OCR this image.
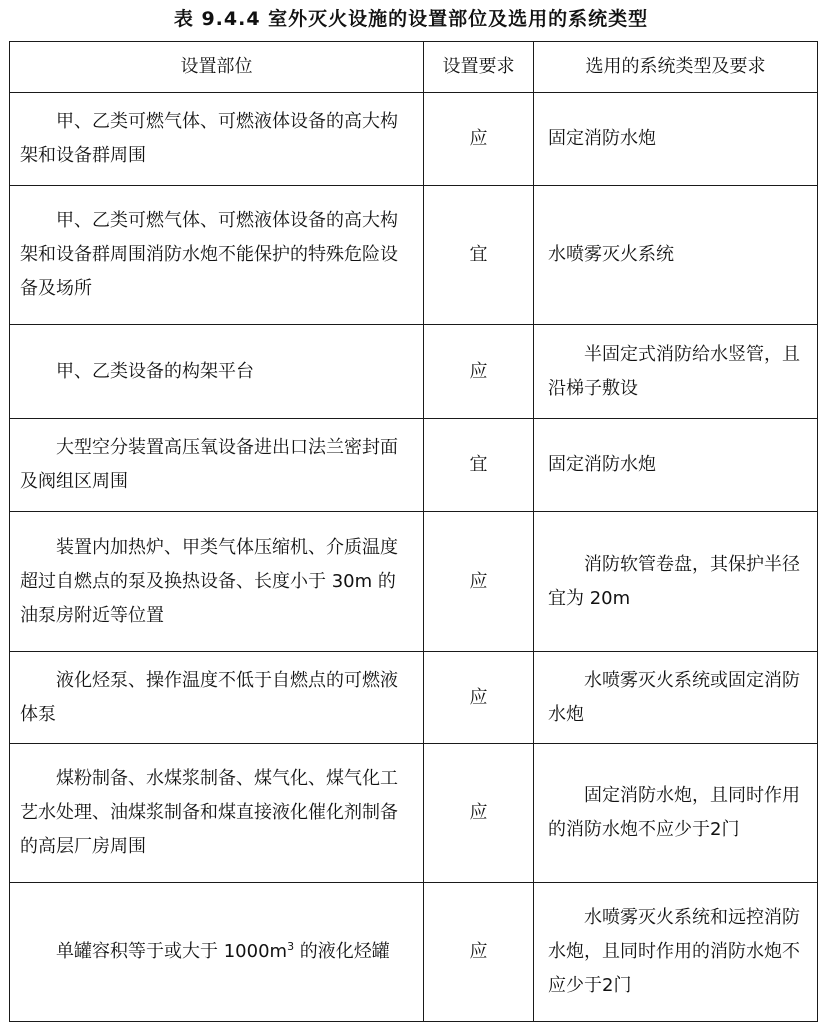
表 9.4.4 室外灭火设施的设置部位及选用的系统类型
设置部位	设置要求	选用的系统类型及要求
甲、乙类可燃气体、可燃液体设备的高大构架和设备群周围	应	固定消防水炮
甲、乙类可燃气体、可燃液体设备的高大构架和设备群周围消防水炮不能保护的特殊危险设备及场所	宜	水喷雾灭火系统
甲、乙类设备的构架平台	应	半固定式消防给水竖管，且沿梯子敷设
大型空分装置高压氧设备进出口法兰密封面及阀组区周围	宜	固定消防水炮
装置内加热炉、甲类气体压缩机、介质温度超过自燃点的泵及换热设备、长度小于 30m 的油泵房附近等位置	应	消防软管卷盘，其保护半径宜为 20m
液化烃泵、操作温度不低于自燃点的可燃液体泵	应	水喷雾灭火系统或固定消防水炮
煤粉制备、水煤浆制备、煤气化、煤气化工艺水处理、油煤浆制备和煤直接液化催化剂制备的高层厂房周围	应	固定消防水炮，且同时作用的消防水炮不应少于2门
单罐容积等于或大于 $1000m^3$ 的液化烃罐	应	水喷雾灭火系统和远控消防水炮，且同时作用的消防水炮不应少于2门
